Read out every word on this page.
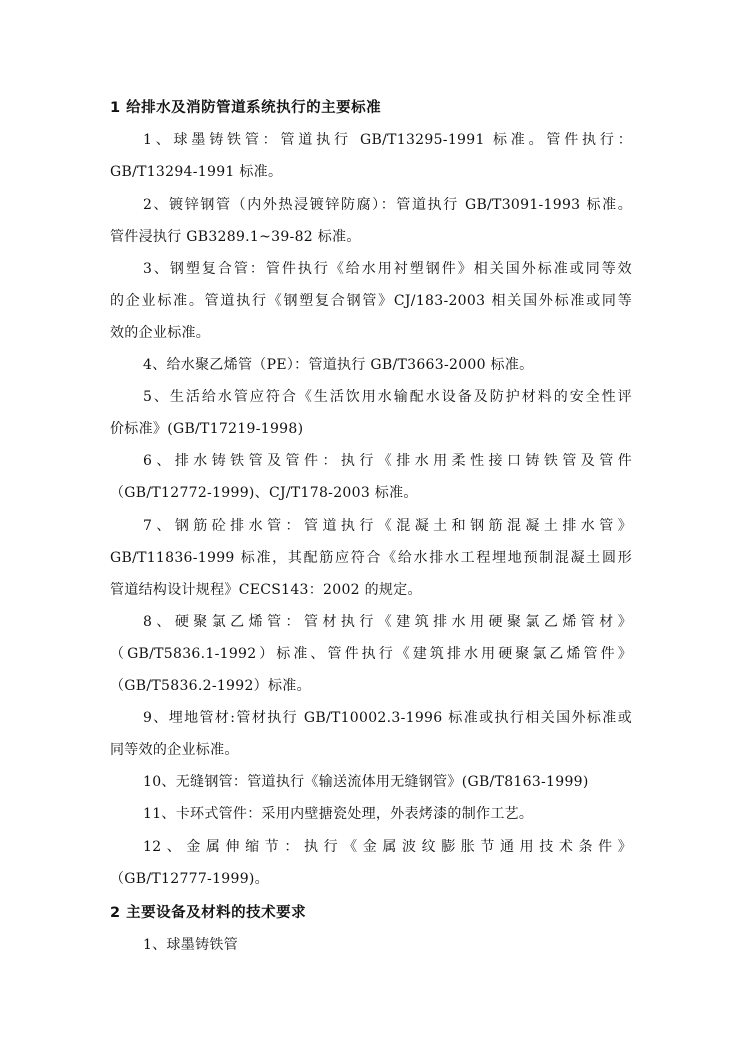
1 给排水及消防管道系统执行的主要标准
1、球墨铸铁管：管道执行 GB/T13295-1991 标准。管件执行：
GB/T13294-1991 标准。
2、镀锌钢管（内外热浸镀锌防腐）：管道执行 GB/T3091-1993 标准。
管件浸执行 GB3289.1~39-82 标准。
3、钢塑复合管：管件执行《给水用衬塑钢件》相关国外标准或同等效
的企业标准。管道执行《钢塑复合钢管》CJ/183-2003 相关国外标准或同等
效的企业标准。
4、给水聚乙烯管（PE）：管道执行 GB/T3663-2000 标准。
5、生活给水管应符合《生活饮用水输配水设备及防护材料的安全性评
价标准》(GB/T17219-1998)
6、排水铸铁管及管件：执行《排水用柔性接口铸铁管及管件
（GB/T12772-1999)、CJ/T178-2003 标准。
7、钢筋砼排水管：管道执行《混凝土和钢筋混凝土排水管》
GB/T11836-1999 标准，其配筋应符合《给水排水工程埋地预制混凝土圆形
管道结构设计规程》CECS143：2002 的规定。
8、硬聚氯乙烯管：管材执行《建筑排水用硬聚氯乙烯管材》
（GB/T5836.1-1992）标准、管件执行《建筑排水用硬聚氯乙烯管件》
（GB/T5836.2-1992）标准。
9、埋地管材:管材执行 GB/T10002.3-1996 标准或执行相关国外标准或
同等效的企业标准。
10、无缝钢管：管道执行《输送流体用无缝钢管》(GB/T8163-1999)
11、卡环式管件：采用内壁搪瓷处理，外表烤漆的制作工艺。
12、金属伸缩节：执行《金属波纹膨胀节通用技术条件》
（GB/T12777-1999)。
2 主要设备及材料的技术要求
1、球墨铸铁管
